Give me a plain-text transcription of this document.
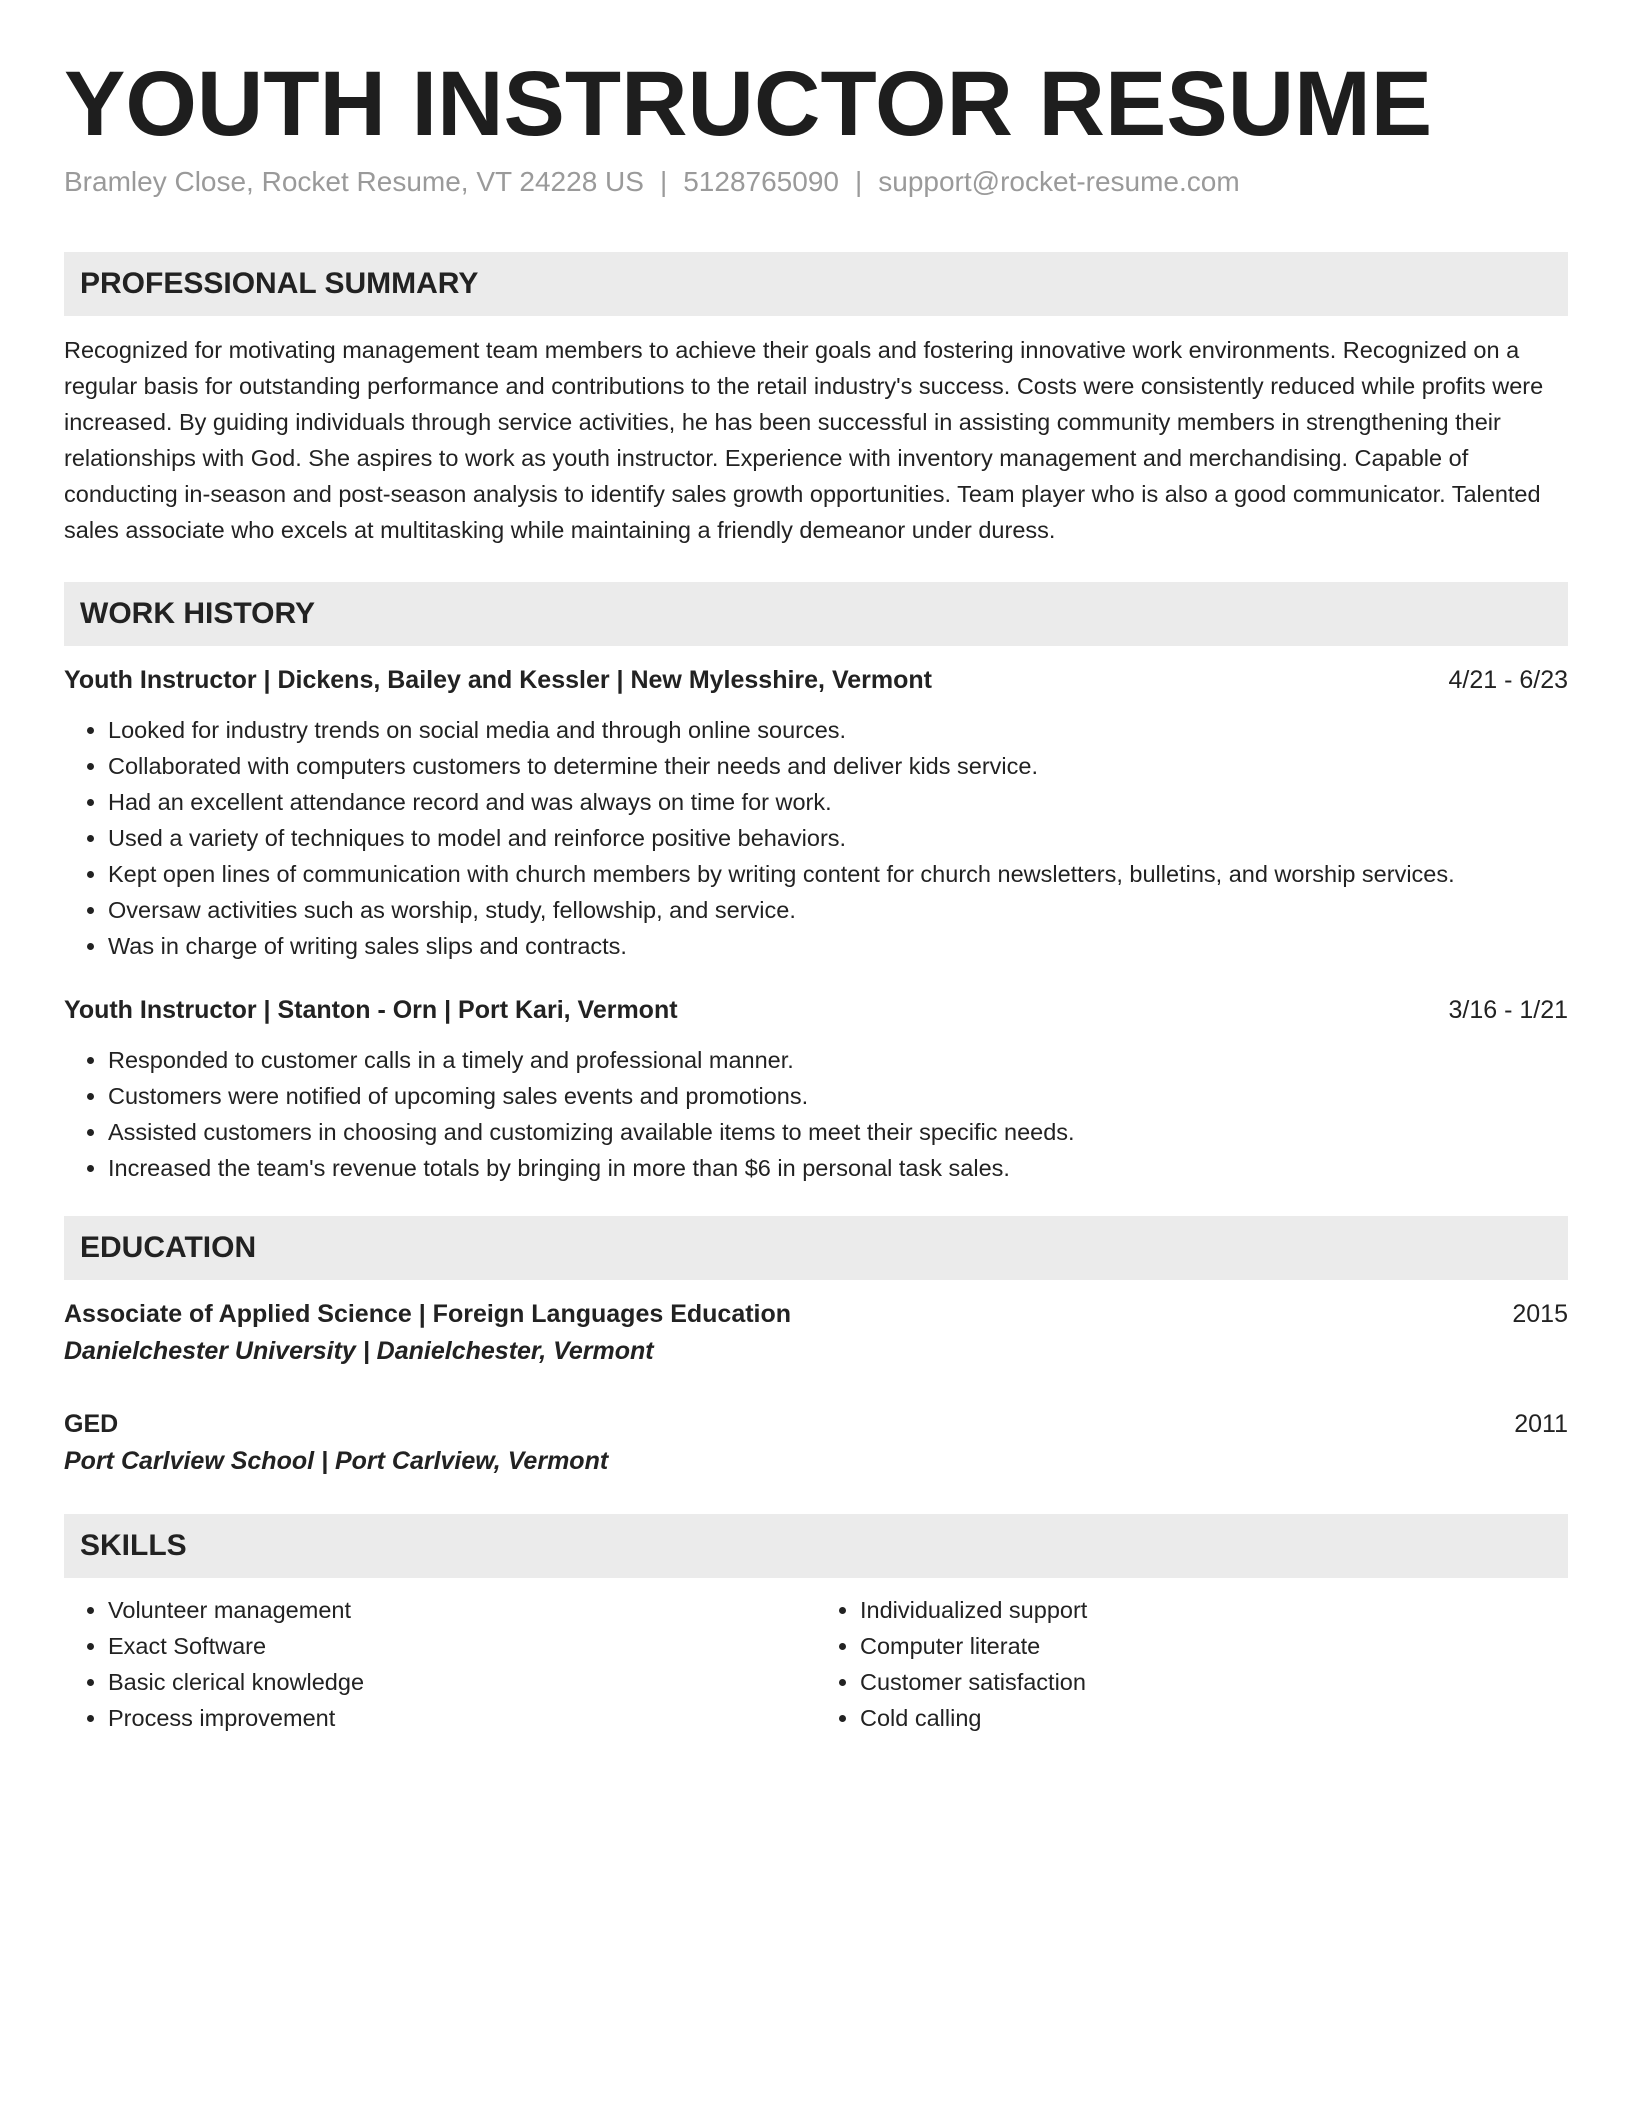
YOUTH INSTRUCTOR RESUME
Bramley Close, Rocket Resume, VT 24228 US | 5128765090 | support@rocket-resume.com
PROFESSIONAL SUMMARY
Recognized for motivating management team members to achieve their goals and fostering innovative work environments. Recognized on a regular basis for outstanding performance and contributions to the retail industry's success. Costs were consistently reduced while profits were increased. By guiding individuals through service activities, he has been successful in assisting community members in strengthening their relationships with God. She aspires to work as youth instructor. Experience with inventory management and merchandising. Capable of conducting in-season and post-season analysis to identify sales growth opportunities. Team player who is also a good communicator. Talented sales associate who excels at multitasking while maintaining a friendly demeanor under duress.
WORK HISTORY
Youth Instructor | Dickens, Bailey and Kessler | New Mylesshire, Vermont	4/21 - 6/23
• Looked for industry trends on social media and through online sources.
• Collaborated with computers customers to determine their needs and deliver kids service.
• Had an excellent attendance record and was always on time for work.
• Used a variety of techniques to model and reinforce positive behaviors.
• Kept open lines of communication with church members by writing content for church newsletters, bulletins, and worship services.
• Oversaw activities such as worship, study, fellowship, and service.
• Was in charge of writing sales slips and contracts.
Youth Instructor | Stanton - Orn | Port Kari, Vermont	3/16 - 1/21
• Responded to customer calls in a timely and professional manner.
• Customers were notified of upcoming sales events and promotions.
• Assisted customers in choosing and customizing available items to meet their specific needs.
• Increased the team's revenue totals by bringing in more than $6 in personal task sales.
EDUCATION
Associate of Applied Science | Foreign Languages Education	2015
Danielchester University | Danielchester, Vermont
GED	2011
Port Carlview School | Port Carlview, Vermont
SKILLS
• Volunteer management
• Exact Software
• Basic clerical knowledge
• Process improvement
• Individualized support
• Computer literate
• Customer satisfaction
• Cold calling
